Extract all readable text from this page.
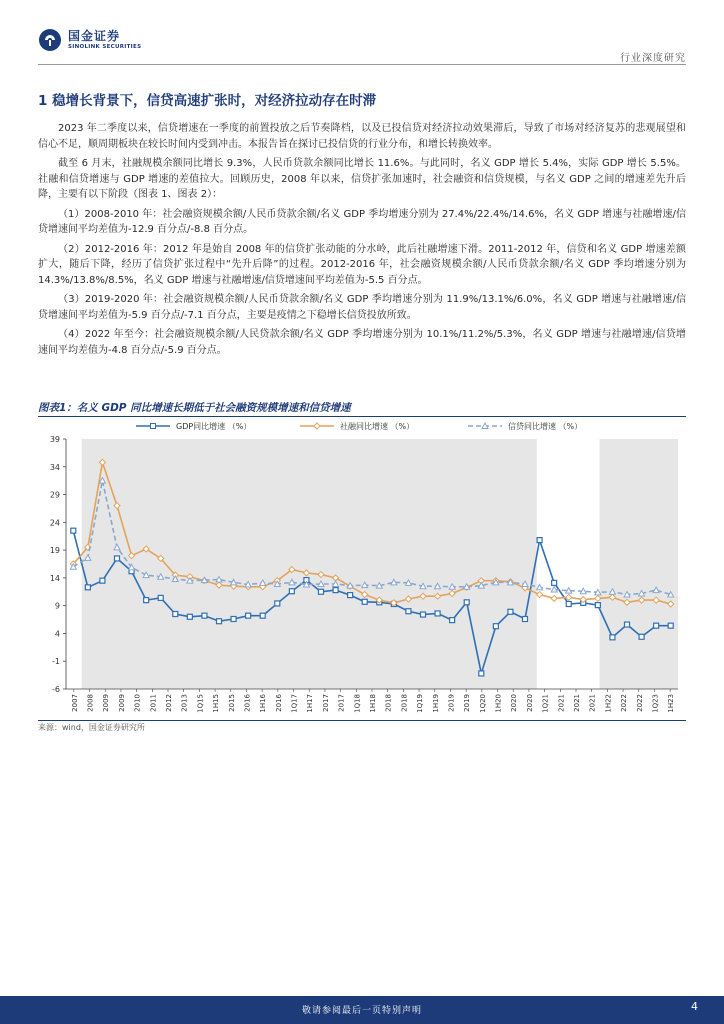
国金证券
SINOLINK SECURITIES
行业深度研究
1 稳增长背景下，信贷高速扩张时，对经济拉动存在时滞

2023 年二季度以来，信贷增速在一季度的前置投放之后节奏降档，以及已投信贷对经济拉动效果滞后，导致了市场对经济复苏的悲观展望和信心不足，顺周期板块在较长时间内受到冲击。本报告旨在探讨已投信贷的行业分布，和增长转换效率。

截至 6 月末，社融规模余额同比增长 9.3%，人民币贷款余额同比增长 11.6%。与此同时，名义 GDP 增长 5.4%，实际 GDP 增长 5.5%。社融和信贷增速与 GDP 增速的差值拉大。回顾历史，2008 年以来，信贷扩张加速时，社会融资和信贷规模，与名义 GDP 之间的增速差先升后降，主要有以下阶段（图表 1、图表 2）：

（1）2008-2010 年：社会融资规模余额/人民币贷款余额/名义 GDP 季均增速分别为 27.4%/22.4%/14.6%，名义 GDP 增速与社融增速/信贷增速间平均差值为-12.9 百分点/-8.8 百分点。

（2）2012-2016 年：2012 年是始自 2008 年的信贷扩张动能的分水岭，此后社融增速下滑。2011-2012 年，信贷和名义 GDP 增速差额扩大，随后下降，经历了信贷扩张过程中“先升后降”的过程。2012-2016 年，社会融资规模余额/人民币贷款余额/名义 GDP 季均增速分别为 14.3%/13.8%/8.5%，名义 GDP 增速与社融增速/信贷增速间平均差值为-5.5 百分点。

（3）2019-2020 年：社会融资规模余额/人民币贷款余额/名义 GDP 季均增速分别为 11.9%/13.1%/6.0%，名义 GDP 增速与社融增速/信贷增速间平均差值为-5.9 百分点/-7.1 百分点，主要是疫情之下稳增长信贷投放所致。

（4）2022 年至今：社会融资规模余额/人民贷款余额/名义 GDP 季均增速分别为 10.1%/11.2%/5.3%，名义 GDP 增速与社融增速/信贷增速间平均差值为-4.8 百分点/-5.9 百分点。

图表1：名义 GDP 同比增速长期低于社会融资规模增速和信贷增速
-6
-1
4
9
14
19
24
29
34
39
2007 2008 2009 2009 2010 2011 2012 2013 1Q15 1H15 2015 2016 1H16 2016 1Q17 1H17 2017 2017 1Q18 1H18 2018 2018 1Q19 1H19 2019 2019 1Q20 1H20 2020 2020 1Q21 2021 2021 2021 1H22 2022 2022 1Q23 1H23
GDP同比增速 （%）	社融同比增速 （%）	信贷同比增速 （%）
来源：wind，国金证券研究所
敬请参阅最后一页特别声明	4
